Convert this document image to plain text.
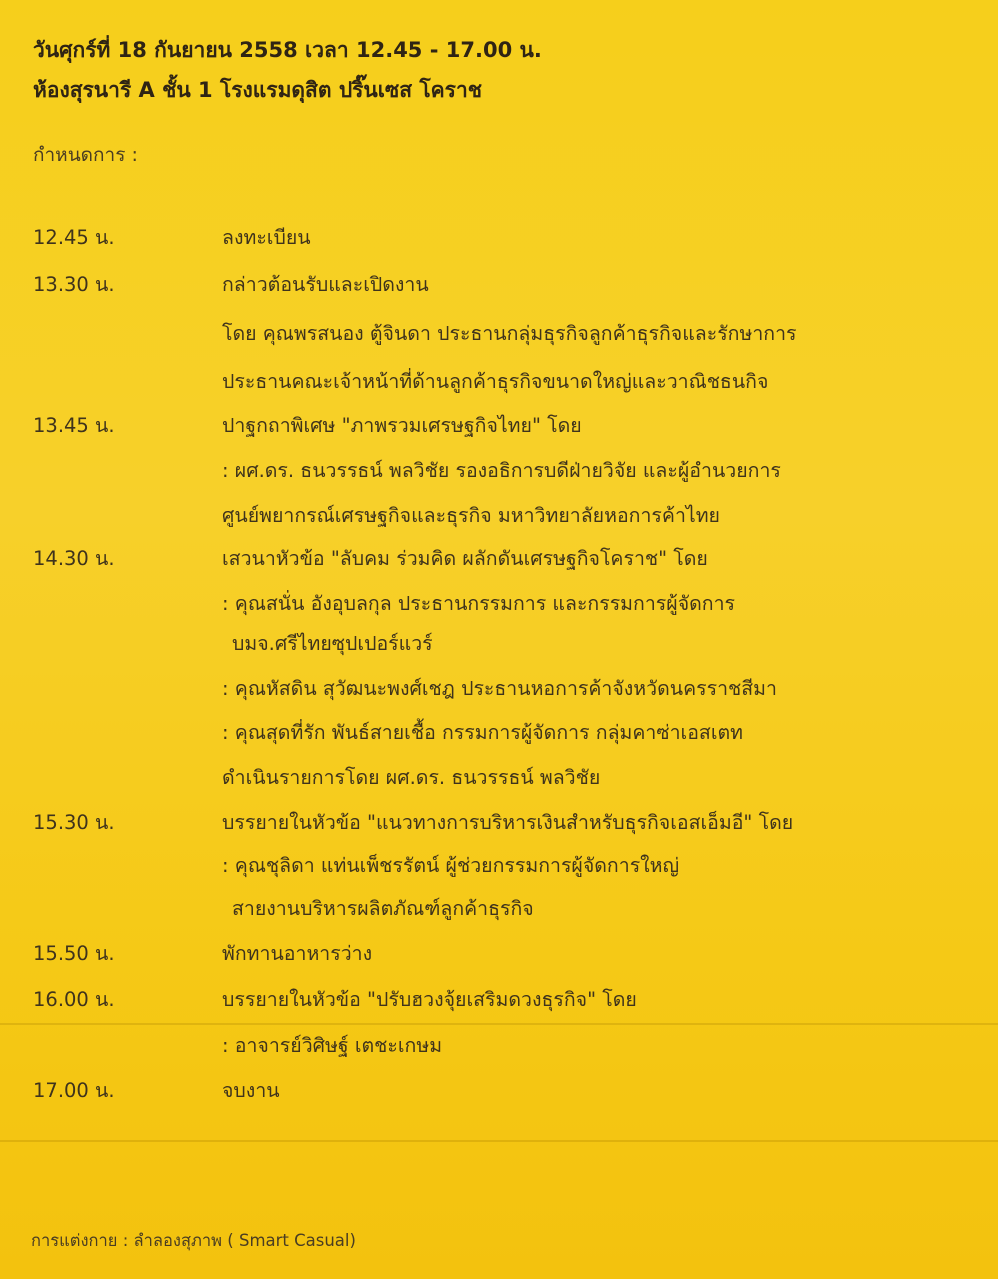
วันศุกร์ที่ 18 กันยายน 2558 เวลา 12.45 - 17.00 น.
ห้องสุรนารี A ชั้น 1 โรงแรมดุสิต ปริ๊นเซส โคราช
กำหนดการ :
12.45 น.	ลงทะเบียน
13.30 น.	กล่าวต้อนรับและเปิดงาน
โดย คุณพรสนอง ตู้จินดา ประธานกลุ่มธุรกิจลูกค้าธุรกิจและรักษาการ
ประธานคณะเจ้าหน้าที่ด้านลูกค้าธุรกิจขนาดใหญ่และวาณิชธนกิจ
13.45 น.	ปาฐกถาพิเศษ "ภาพรวมเศรษฐกิจไทย" โดย
: ผศ.ดร. ธนวรรธน์ พลวิชัย รองอธิการบดีฝ่ายวิจัย และผู้อำนวยการ
ศูนย์พยากรณ์เศรษฐกิจและธุรกิจ มหาวิทยาลัยหอการค้าไทย
14.30 น.	เสวนาหัวข้อ "ลับคม ร่วมคิด ผลักดันเศรษฐกิจโคราช" โดย
: คุณสนั่น อังอุบลกุล ประธานกรรมการ และกรรมการผู้จัดการ
บมจ.ศรีไทยซุปเปอร์แวร์
: คุณหัสดิน สุวัฒนะพงศ์เชฎ ประธานหอการค้าจังหวัดนครราชสีมา
: คุณสุดที่รัก พันธ์สายเชื้อ กรรมการผู้จัดการ กลุ่มคาซ่าเอสเตท
ดำเนินรายการโดย ผศ.ดร. ธนวรรธน์ พลวิชัย
15.30 น.	บรรยายในหัวข้อ "แนวทางการบริหารเงินสำหรับธุรกิจเอสเอ็มอี" โดย
: คุณชุลิดา แท่นเพ็ชรรัตน์ ผู้ช่วยกรรมการผู้จัดการใหญ่
สายงานบริหารผลิตภัณฑ์ลูกค้าธุรกิจ
15.50 น.	พักทานอาหารว่าง
16.00 น.	บรรยายในหัวข้อ "ปรับฮวงจุ้ยเสริมดวงธุรกิจ" โดย
: อาจารย์วิศิษฐ์ เตชะเกษม
17.00 น.	จบงาน
การแต่งกาย : ลำลองสุภาพ ( Smart Casual)
